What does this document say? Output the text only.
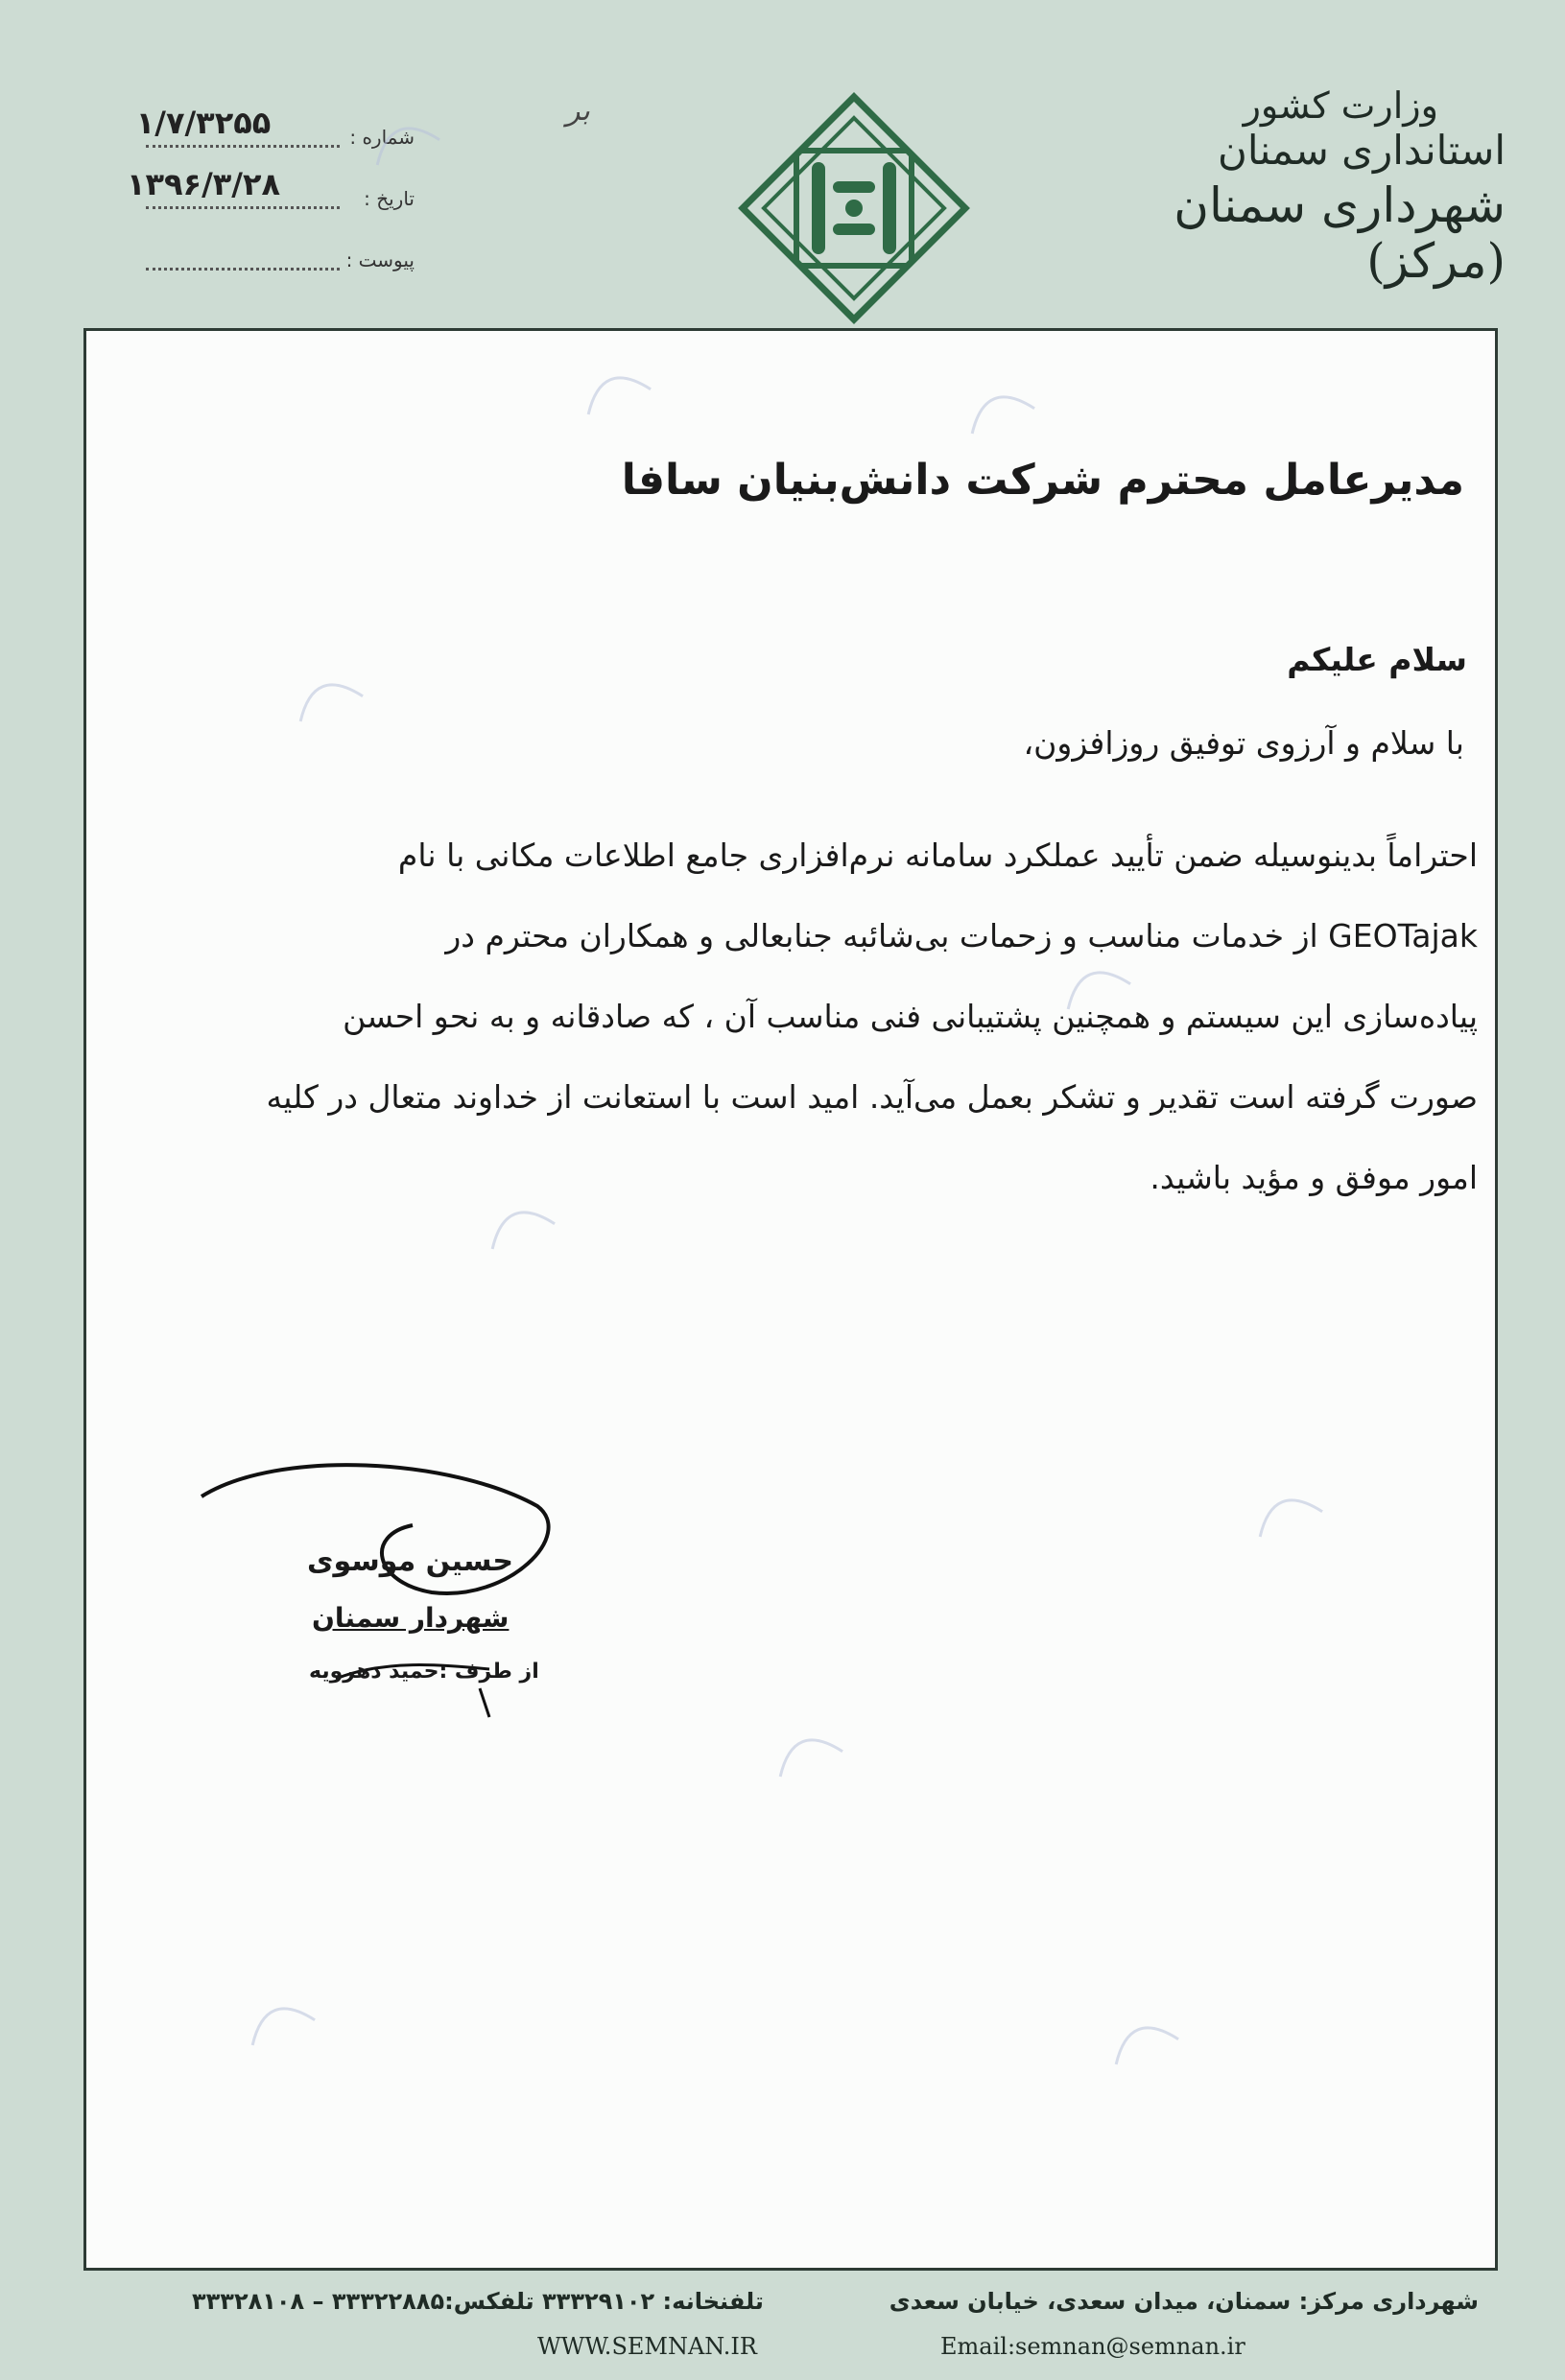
وزارت کشور
استانداری سمنان
شهرداری سمنان (مرکز)
شماره :
۱/۷/۳۲۵۵
تاریخ :
۱۳۹۶/۳/۲۸
پیوست :
ﺑﺮ
مدیرعامل محترم شرکت دانش‌بنیان سافا
سلام علیکم
با سلام و آرزوی توفیق روزافزون،
احتراماً بدینوسیله ضمن تأیید عملکرد سامانه نرم‌افزاری جامع اطلاعات مکانی با نام
GEOTajak از خدمات مناسب و زحمات بی‌شائبه جنابعالی و همکاران محترم در
پیاده‌سازی این سیستم و همچنین پشتیبانی فنی مناسب آن ، که صادقانه و به نحو احسن
صورت گرفته است تقدیر و تشکر بعمل می‌آید. امید است با استعانت از خداوند متعال در کلیه
امور موفق و مؤید باشید.
حسین موسوی
شهردار سمنان
از طرف :حمید دهرویه
شهرداری مرکز: سمنان، میدان سعدی، خیابان سعدی
تلفنخانه: ۳۳۳۲۹۱۰۲ تلفکس:۳۳۳۲۲۸۸۵ – ۳۳۳۲۸۱۰۸
WWW.SEMNAN.IR	Email:semnan@semnan.ir
